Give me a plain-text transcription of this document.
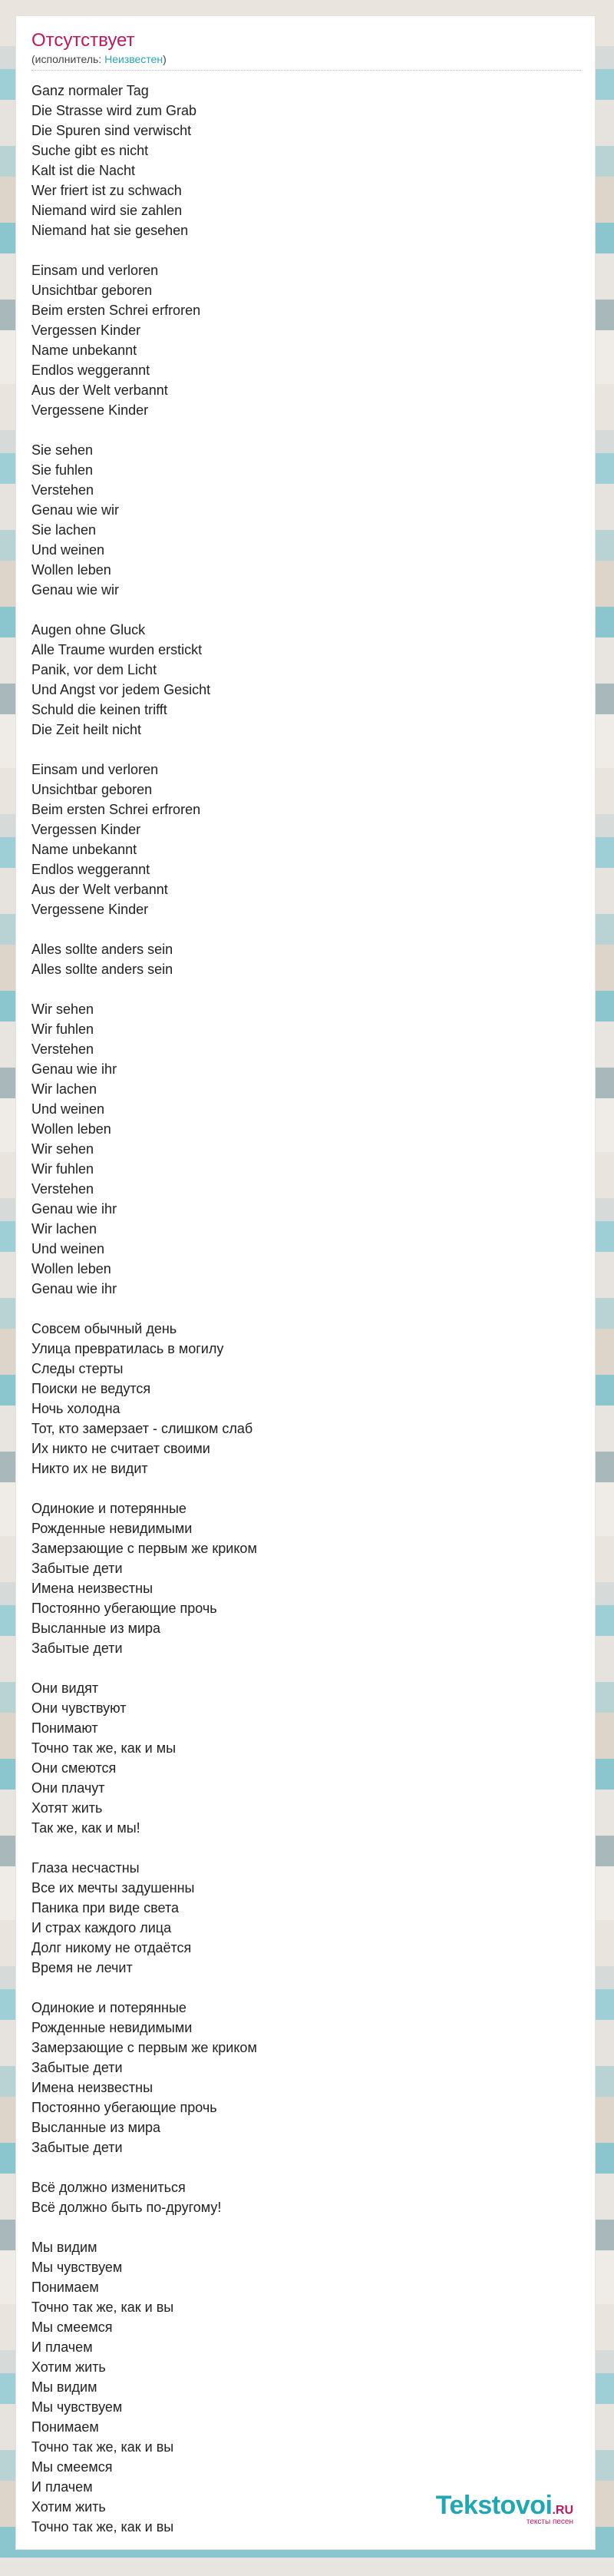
Отсутствует
(исполнитель: Неизвестен)
Ganz normaler Tag
Die Strasse wird zum Grab
Die Spuren sind verwischt
Suche gibt es nicht
Kalt ist die Nacht
Wer friert ist zu schwach
Niemand wird sie zahlen
Niemand hat sie gesehen
Einsam und verloren
Unsichtbar geboren
Beim ersten Schrei erfroren
Vergessen Kinder
Name unbekannt
Endlos weggerannt
Aus der Welt verbannt
Vergessene Kinder
Sie sehen
Sie fuhlen
Verstehen
Genau wie wir
Sie lachen
Und weinen
Wollen leben
Genau wie wir
Augen ohne Gluck
Alle Traume wurden erstickt
Panik, vor dem Licht
Und Angst vor jedem Gesicht
Schuld die keinen trifft
Die Zeit heilt nicht
Einsam und verloren
Unsichtbar geboren
Beim ersten Schrei erfroren
Vergessen Kinder
Name unbekannt
Endlos weggerannt
Aus der Welt verbannt
Vergessene Kinder
Alles sollte anders sein
Alles sollte anders sein
Wir sehen
Wir fuhlen
Verstehen
Genau wie ihr
Wir lachen
Und weinen
Wollen leben
Wir sehen
Wir fuhlen
Verstehen
Genau wie ihr
Wir lachen
Und weinen
Wollen leben
Genau wie ihr
Совсем обычный день
Улица превратилась в могилу
Следы стерты
Поиски не ведутся
Ночь холодна
Тот, кто замерзает - слишком слаб
Их никто не считает своими
Никто их не видит
Одинокие и потерянные
Рожденные невидимыми
Замерзающие с первым же криком
Забытые дети
Имена неизвестны
Постоянно убегающие прочь
Высланные из мира
Забытые дети
Они видят
Они чувствуют
Понимают
Точно так же, как и мы
Они смеются
Они плачут
Хотят жить
Так же, как и мы!
Глаза несчастны
Все их мечты задушенны
Паника при виде света
И страх каждого лица
Долг никому не отдаётся
Время не лечит
Одинокие и потерянные
Рожденные невидимыми
Замерзающие с первым же криком
Забытые дети
Имена неизвестны
Постоянно убегающие прочь
Высланные из мира
Забытые дети
Всё должно измениться
Всё должно быть по-другому!
Мы видим
Мы чувствуем
Понимаем
Точно так же, как и вы
Мы смеемся
И плачем
Хотим жить
Мы видим
Мы чувствуем
Понимаем
Точно так же, как и вы
Мы смеемся
И плачем
Хотим жить
Точно так же, как и вы
Tekstovoi.RU
тексты песен
